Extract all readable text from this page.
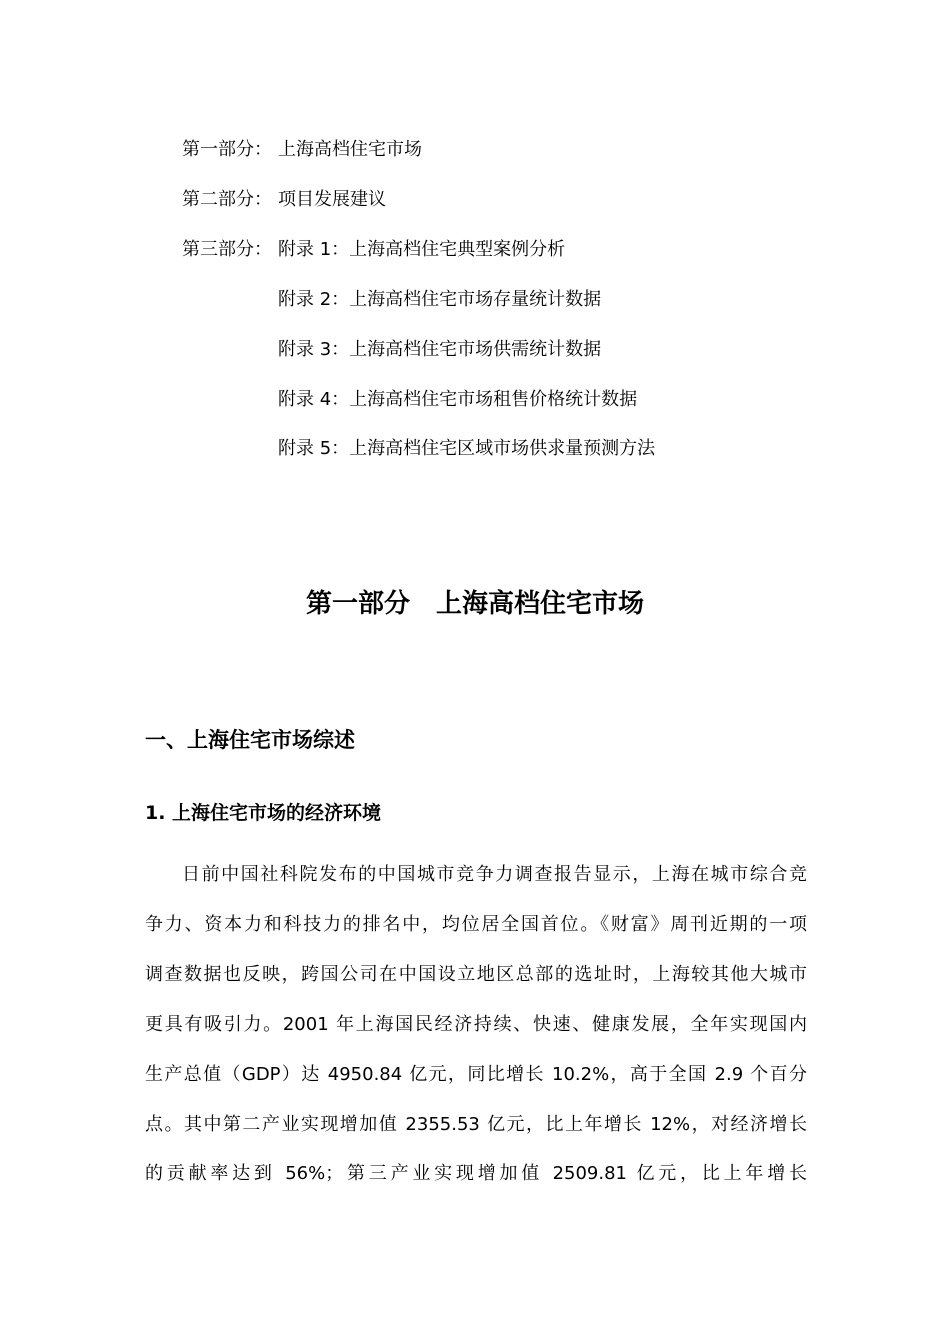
第一部分： 上海高档住宅市场
第二部分： 项目发展建议
第三部分： 附录 1：上海高档住宅典型案例分析
附录 2：上海高档住宅市场存量统计数据
附录 3：上海高档住宅市场供需统计数据
附录 4：上海高档住宅市场租售价格统计数据
附录 5：上海高档住宅区域市场供求量预测方法
第一部分　上海高档住宅市场
一、上海住宅市场综述
1. 上海住宅市场的经济环境
日前中国社科院发布的中国城市竞争力调查报告显示，上海在城市综合竞
争力、资本力和科技力的排名中，均位居全国首位。《财富》周刊近期的一项
调查数据也反映，跨国公司在中国设立地区总部的选址时，上海较其他大城市
更具有吸引力。2001 年上海国民经济持续、快速、健康发展，全年实现国内
生产总值（GDP）达 4950.84 亿元，同比增长 10.2%，高于全国 2.9 个百分
点。其中第二产业实现增加值 2355.53 亿元，比上年增长 12%，对经济增长
的贡献率达到 56%；第三产业实现增加值 2509.81 亿元，比上年增长
